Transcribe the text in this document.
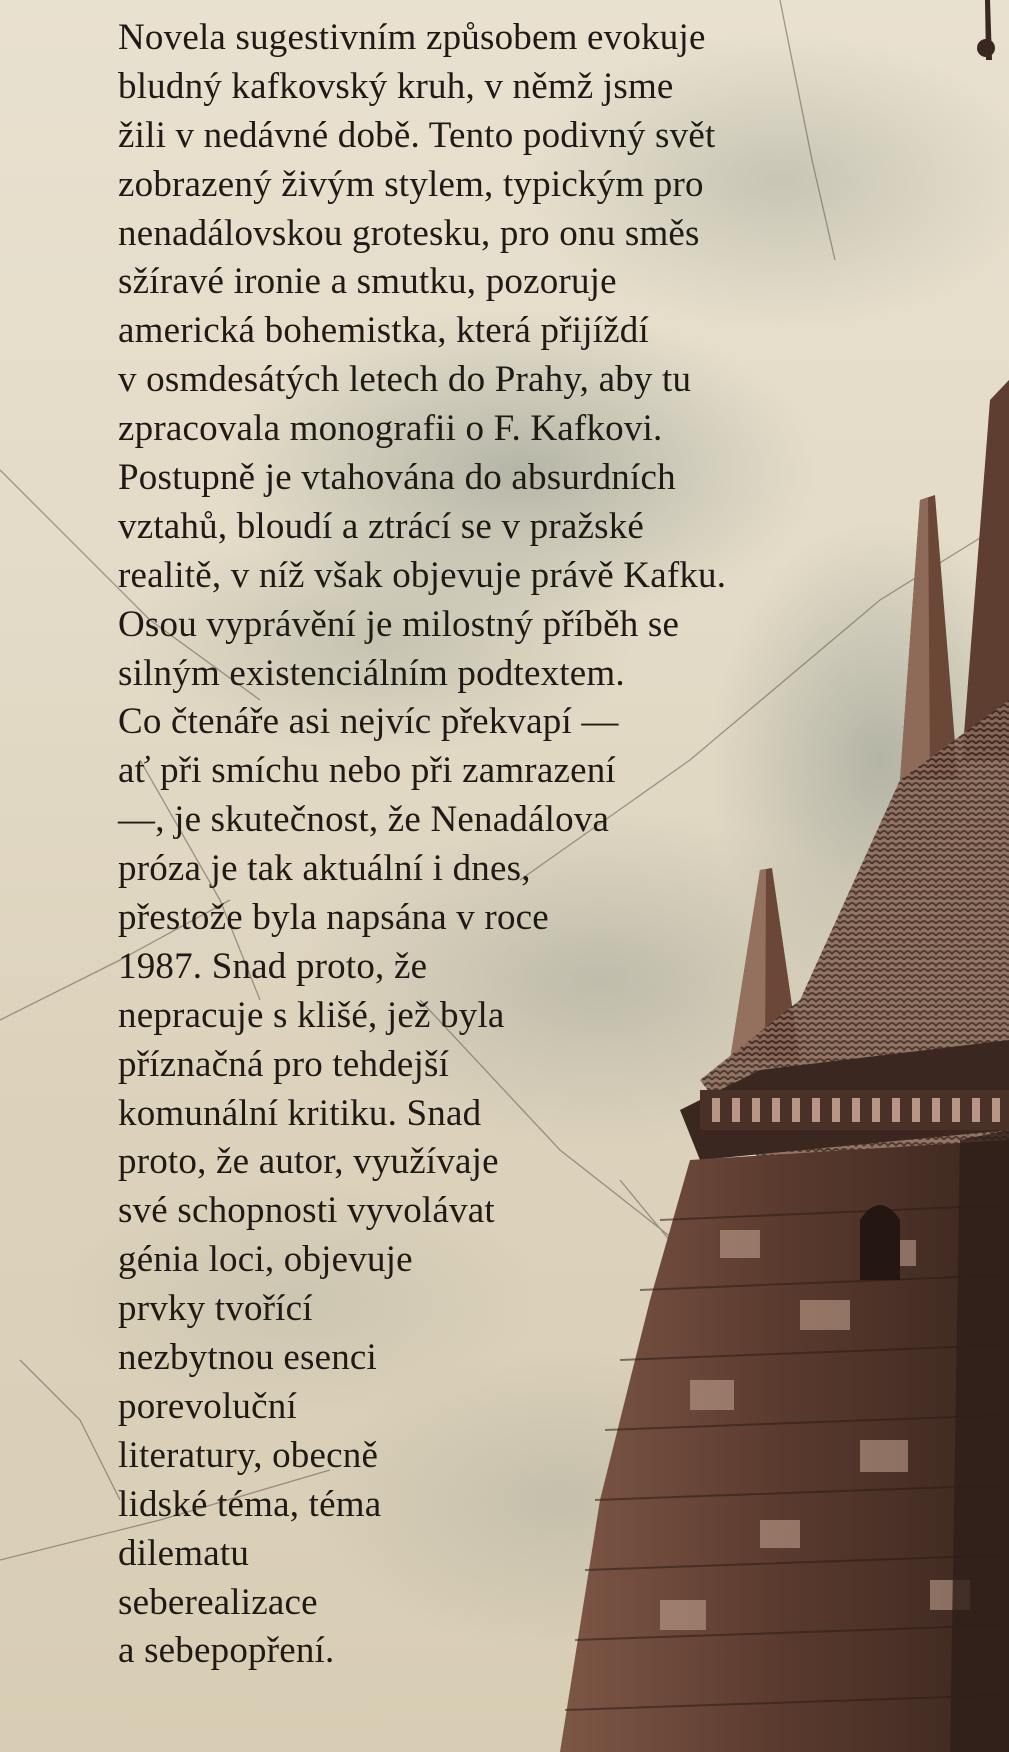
Novela sugestivním způsobem evokuje
bludný kafkovský kruh, v němž jsme
žili v nedávné době. Tento podivný svět
zobrazený živým stylem, typickým pro
nenadálovskou grotesku, pro onu směs
sžíravé ironie a smutku, pozoruje
americká bohemistka, která přijíždí
v osmdesátých letech do Prahy, aby tu
zpracovala monografii o F. Kafkovi.
Postupně je vtahována do absurdních
vztahů, bloudí a ztrácí se v pražské
realitě, v níž však objevuje právě Kafku.
Osou vyprávění je milostný příběh se
silným existenciálním podtextem.
Co čtenáře asi nejvíc překvapí —
ať při smíchu nebo při zamrazení
—, je skutečnost, že Nenadálova
próza je tak aktuální i dnes,
přestože byla napsána v roce
1987. Snad proto, že
nepracuje s klišé, jež byla
příznačná pro tehdejší
komunální kritiku. Snad
proto, že autor, využívaje
své schopnosti vyvolávat
génia loci, objevuje
prvky tvořící
nezbytnou esenci
porevoluční
literatury, obecně
lidské téma, téma
dilematu
seberealizace
a sebepopření.
